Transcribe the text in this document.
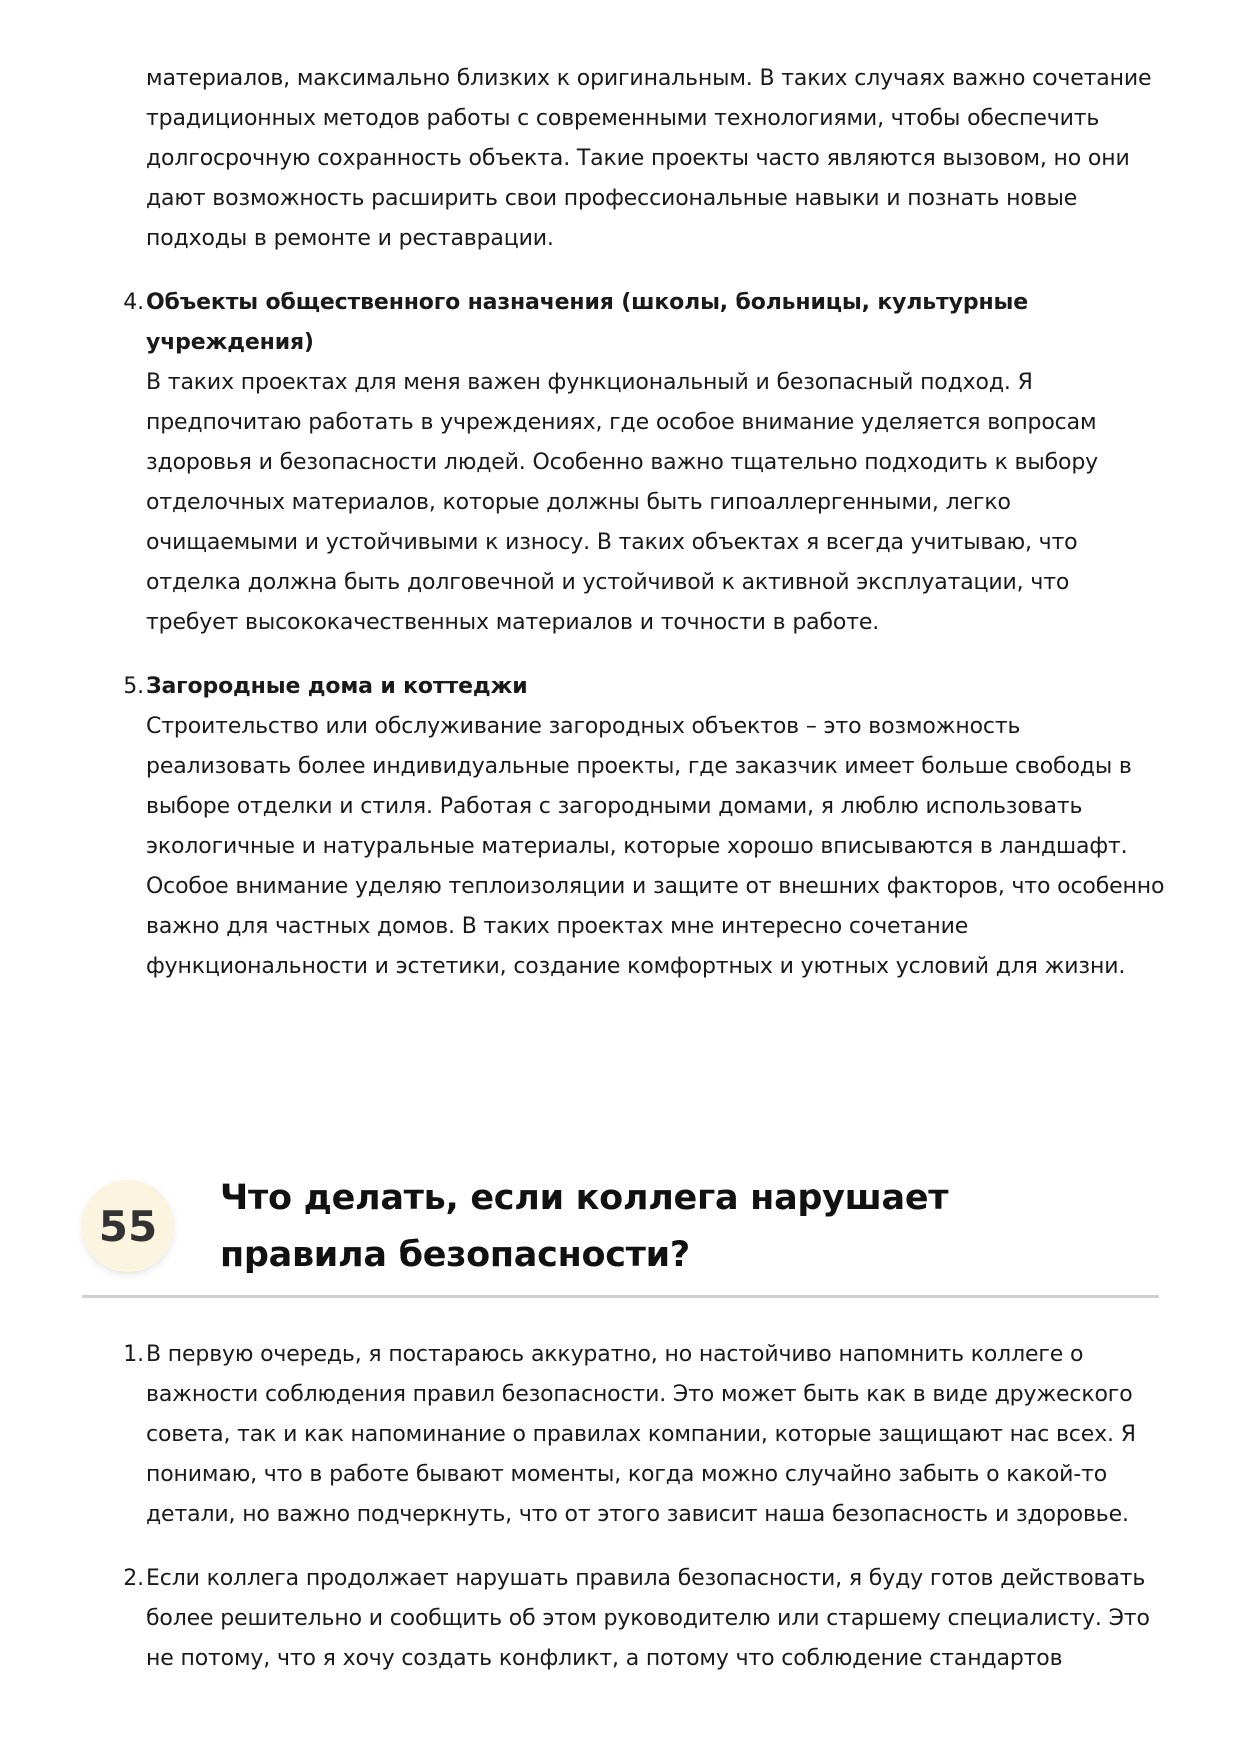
материалов, максимально близких к оригинальным. В таких случаях важно сочетание традиционных методов работы с современными технологиями, чтобы обеспечить долгосрочную сохранность объекта. Такие проекты часто являются вызовом, но они дают возможность расширить свои профессиональные навыки и познать новые подходы в ремонте и реставрации.
4. Объекты общественного назначения (школы, больницы, культурные учреждения)
В таких проектах для меня важен функциональный и безопасный подход. Я предпочитаю работать в учреждениях, где особое внимание уделяется вопросам здоровья и безопасности людей. Особенно важно тщательно подходить к выбору отделочных материалов, которые должны быть гипоаллергенными, легко очищаемыми и устойчивыми к износу. В таких объектах я всегда учитываю, что отделка должна быть долговечной и устойчивой к активной эксплуатации, что требует высококачественных материалов и точности в работе.
5. Загородные дома и коттеджи
Строительство или обслуживание загородных объектов – это возможность реализовать более индивидуальные проекты, где заказчик имеет больше свободы в выборе отделки и стиля. Работая с загородными домами, я люблю использовать экологичные и натуральные материалы, которые хорошо вписываются в ландшафт. Особое внимание уделяю теплоизоляции и защите от внешних факторов, что особенно важно для частных домов. В таких проектах мне интересно сочетание функциональности и эстетики, создание комфортных и уютных условий для жизни.
55
Что делать, если коллега нарушает правила безопасности?
1. В первую очередь, я постараюсь аккуратно, но настойчиво напомнить коллеге о важности соблюдения правил безопасности. Это может быть как в виде дружеского совета, так и как напоминание о правилах компании, которые защищают нас всех. Я понимаю, что в работе бывают моменты, когда можно случайно забыть о какой-то детали, но важно подчеркнуть, что от этого зависит наша безопасность и здоровье.
2. Если коллега продолжает нарушать правила безопасности, я буду готов действовать более решительно и сообщить об этом руководителю или старшему специалисту. Это не потому, что я хочу создать конфликт, а потому что соблюдение стандартов
